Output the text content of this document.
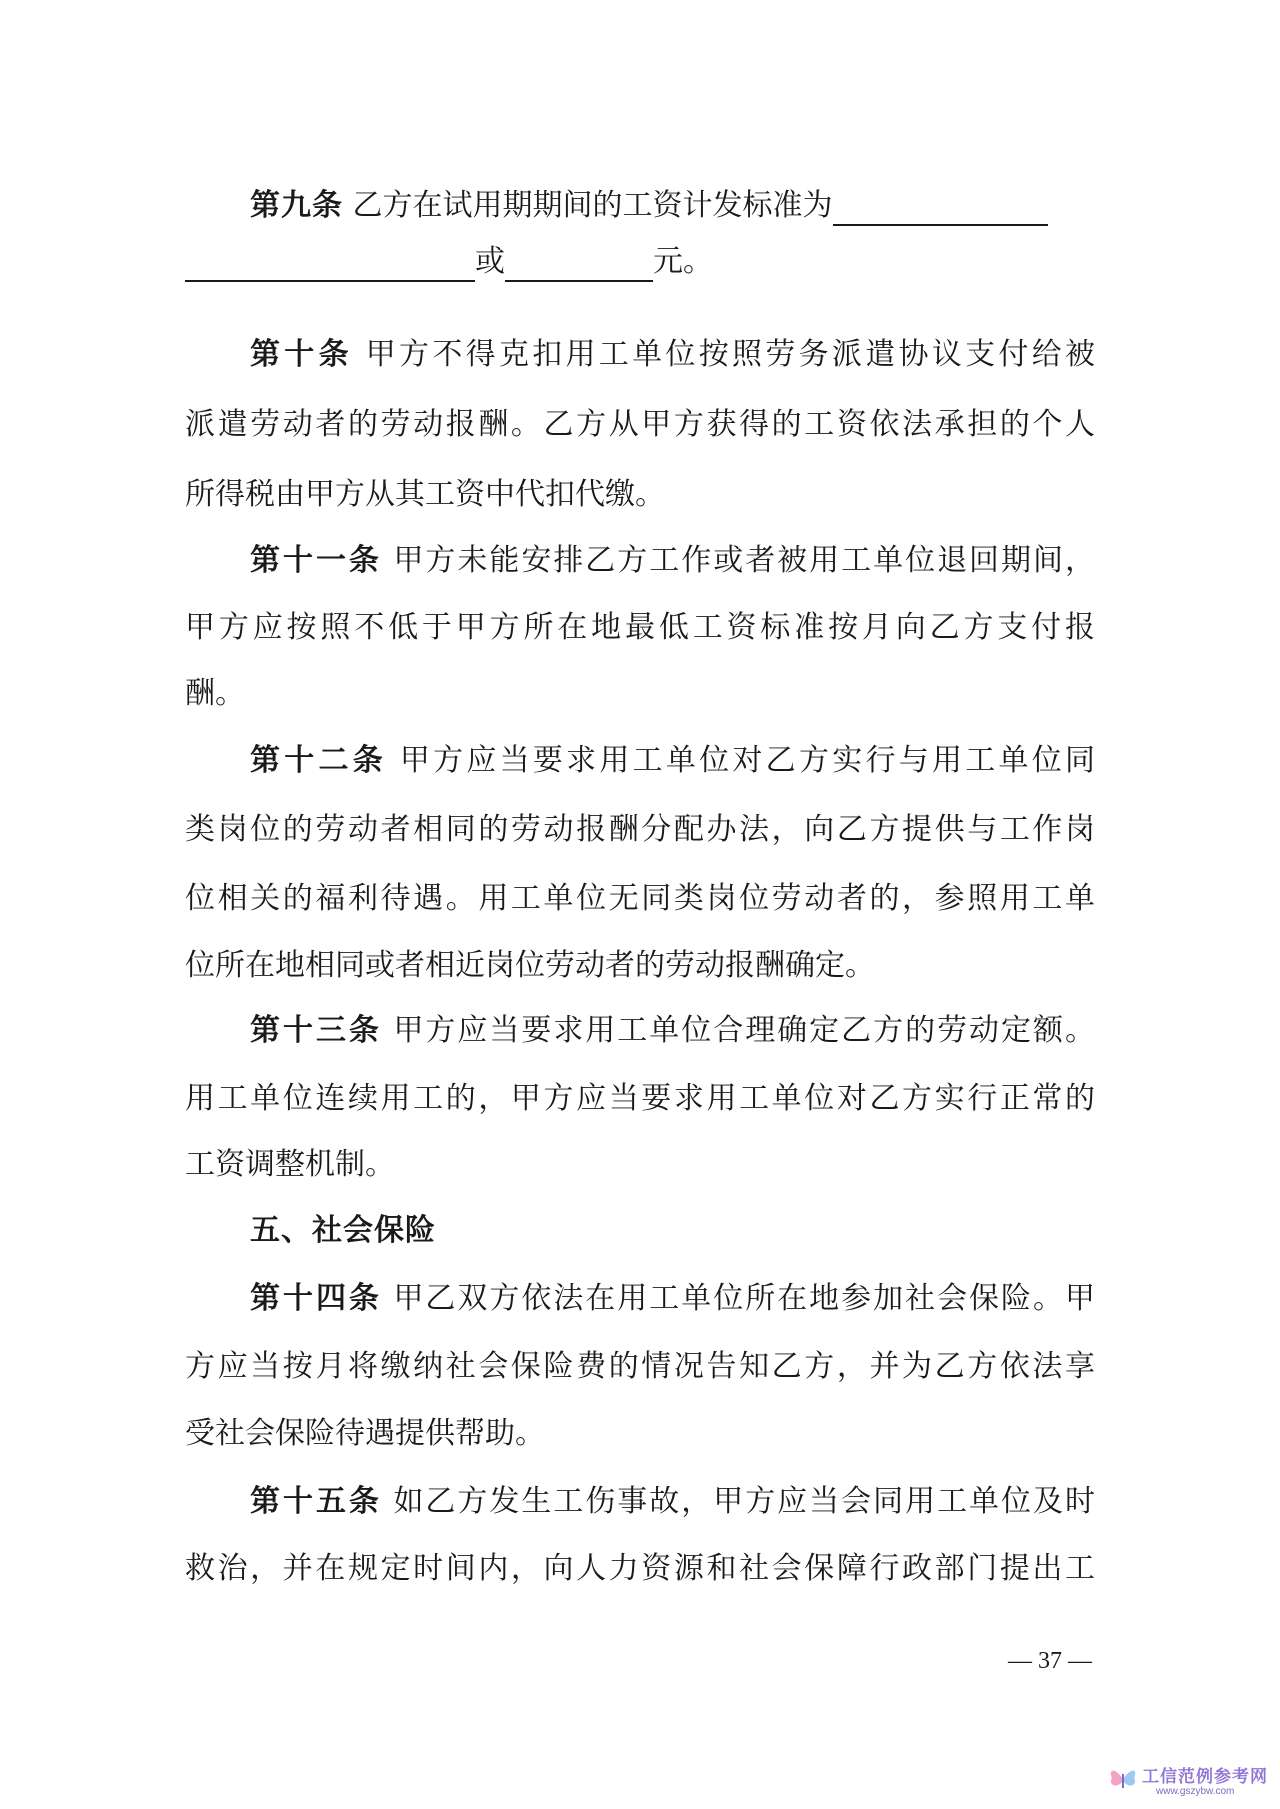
第九条 乙方在试用期期间的工资计发标准为
或	元。
第十条 甲方不得克扣用工单位按照劳务派遣协议支付给被
派遣劳动者的劳动报酬。乙方从甲方获得的工资依法承担的个人
所得税由甲方从其工资中代扣代缴。
第十一条 甲方未能安排乙方工作或者被用工单位退回期间，
甲方应按照不低于甲方所在地最低工资标准按月向乙方支付报
酬。
第十二条 甲方应当要求用工单位对乙方实行与用工单位同
类岗位的劳动者相同的劳动报酬分配办法，向乙方提供与工作岗
位相关的福利待遇。用工单位无同类岗位劳动者的，参照用工单
位所在地相同或者相近岗位劳动者的劳动报酬确定。
第十三条 甲方应当要求用工单位合理确定乙方的劳动定额。
用工单位连续用工的，甲方应当要求用工单位对乙方实行正常的
工资调整机制。
五、社会保险
第十四条 甲乙双方依法在用工单位所在地参加社会保险。甲
方应当按月将缴纳社会保险费的情况告知乙方，并为乙方依法享
受社会保险待遇提供帮助。
第十五条 如乙方发生工伤事故，甲方应当会同用工单位及时
救治，并在规定时间内，向人力资源和社会保障行政部门提出工
— 37 —
工信范例参考网
www.gszybw.com
